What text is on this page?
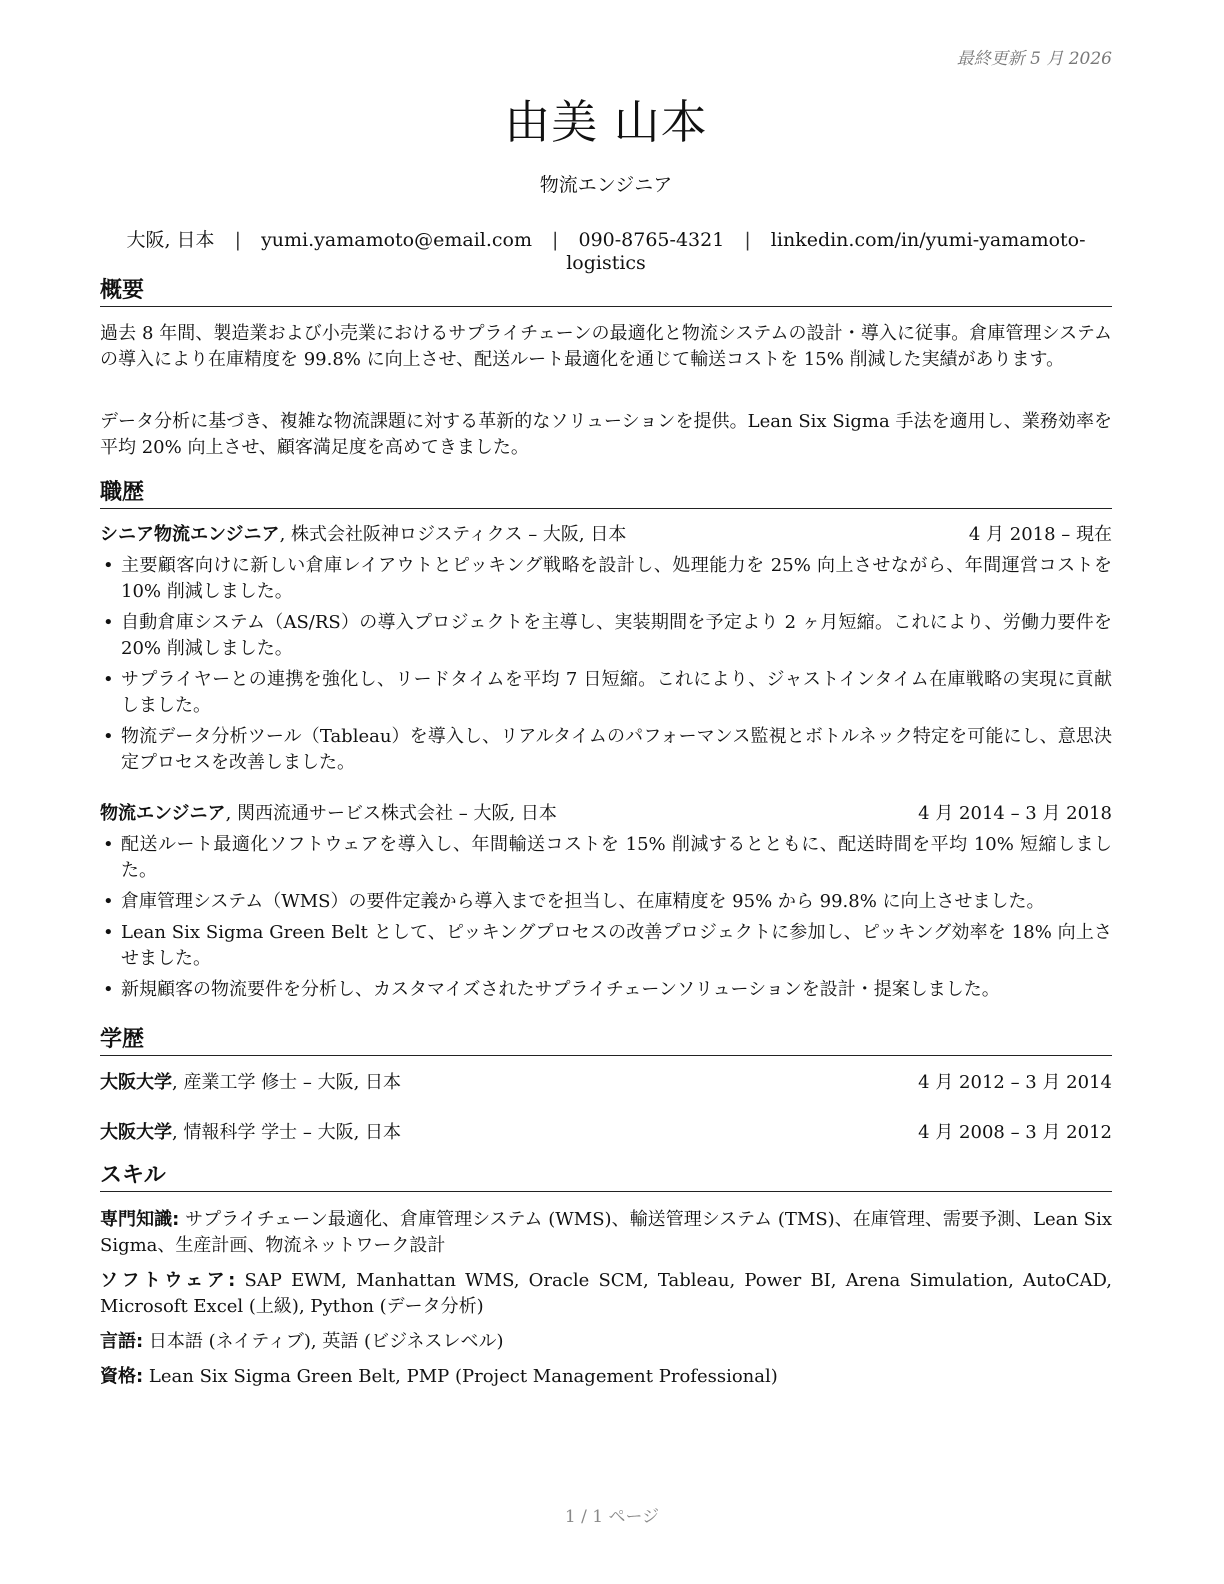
最終更新 5 月 2026
由美 山本
物流エンジニア
大阪, 日本 | yumi.yamamoto@email.com | 090-8765-4321 | linkedin.com/in/yumi-yamamoto-logistics
概要

過去 8 年間、製造業および小売業におけるサプライチェーンの最適化と物流システムの設計・導入に従事。倉庫管理システムの導入により在庫精度を 99.8% に向上させ、配送ルート最適化を通じて輸送コストを 15% 削減した実績があります。

データ分析に基づき、複雑な物流課題に対する革新的なソリューションを提供。Lean Six Sigma 手法を適用し、業務効率を平均 20% 向上させ、顧客満足度を高めてきました。

職歴
シニア物流エンジニア, 株式会社阪神ロジスティクス – 大阪, 日本	4 月 2018 – 現在
• 主要顧客向けに新しい倉庫レイアウトとピッキング戦略を設計し、処理能力を 25% 向上させながら、年間運営コストを 10% 削減しました。
• 自動倉庫システム（AS/RS）の導入プロジェクトを主導し、実装期間を予定より 2 ヶ月短縮。これにより、労働力要件を 20% 削減しました。
• サプライヤーとの連携を強化し、リードタイムを平均 7 日短縮。これにより、ジャストインタイム在庫戦略の実現に貢献しました。
• 物流データ分析ツール（Tableau）を導入し、リアルタイムのパフォーマンス監視とボトルネック特定を可能にし、意思決定プロセスを改善しました。
物流エンジニア, 関西流通サービス株式会社 – 大阪, 日本	4 月 2014 – 3 月 2018
• 配送ルート最適化ソフトウェアを導入し、年間輸送コストを 15% 削減するとともに、配送時間を平均 10% 短縮しました。
• 倉庫管理システム（WMS）の要件定義から導入までを担当し、在庫精度を 95% から 99.8% に向上させました。
• Lean Six Sigma Green Belt として、ピッキングプロセスの改善プロジェクトに参加し、ピッキング効率を 18% 向上させました。
• 新規顧客の物流要件を分析し、カスタマイズされたサプライチェーンソリューションを設計・提案しました。
学歴
大阪大学, 産業工学 修士 – 大阪, 日本	4 月 2012 – 3 月 2014
大阪大学, 情報科学 学士 – 大阪, 日本	4 月 2008 – 3 月 2012
スキル
専門知識: サプライチェーン最適化、倉庫管理システム (WMS)、輸送管理システム (TMS)、在庫管理、需要予測、Lean Six Sigma、生産計画、物流ネットワーク設計
ソフトウェア: SAP EWM, Manhattan WMS, Oracle SCM, Tableau, Power BI, Arena Simulation, AutoCAD, Microsoft Excel (上級), Python (データ分析)
言語: 日本語 (ネイティブ), 英語 (ビジネスレベル)
資格: Lean Six Sigma Green Belt, PMP (Project Management Professional)
1 / 1 ページ
